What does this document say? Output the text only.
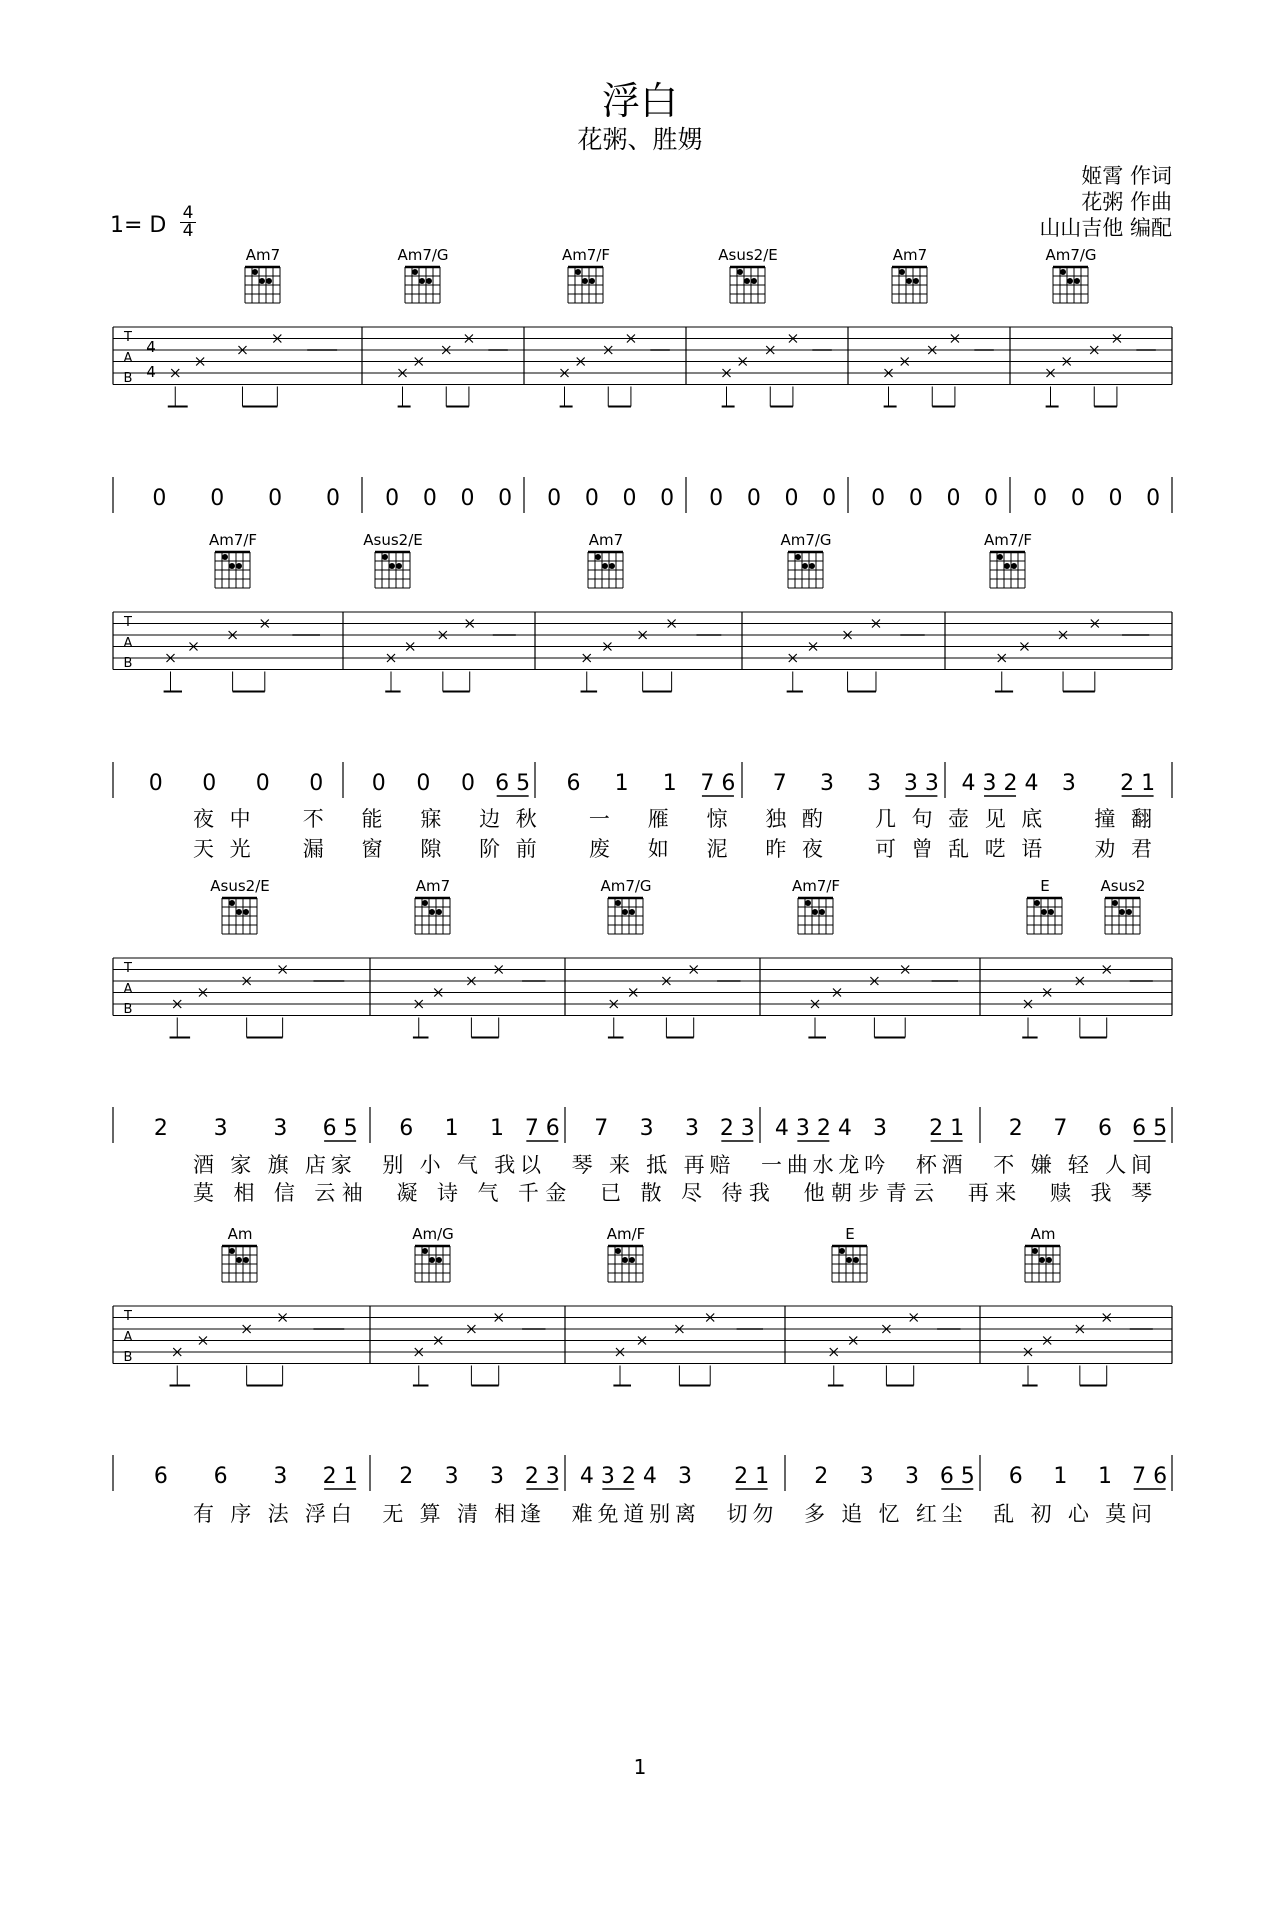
浮白
花粥、胜娚
姬霄 作词
花粥 作曲
山山吉他 编配
1= D 4
4
Am7	Am7/G	Am7/F	Asus2/E	Am7	Am7/G
T
A
B
4
4
0 0 0 0 0 0 0 0 0 0 0 0 0 0 0 0 0 0 0 0 0 0 0 0
Am7/F	Asus2/E	Am7	Am7/G	Am7/F
T
A
B
0 0 0 0 0 0 0 6 5 6 1 1 7 6 7 3 3 3 3 4 3 2 4 3 2 1
夜中　不 能 寐 边秋　一 雁 惊 独酌　几句壶见底　撞翻
天光　漏 窗 隙 阶前　废 如 泥 昨夜　可曾乱呓语　劝君
Asus2/E	Am7	Am7/G	Am7/F	E	Asus2
T
A
B
2 3 3 6 5 6 1 1 7 6 7 3 3 2 3 4 3 2 4 3 2 1 2 7 6 6 5
酒 家 旗 店家　别 小 气 我以　琴 来 抵 再赔　一曲水龙吟　杯酒　不 嫌 轻 人间
莫 相 信 云袖　凝 诗 气 千金　已 散 尽 待我　他朝步青云　再来　赎 我 琴
Am	Am/G	Am/F	E	Am
T
A
B
6 6 3 2 1 2 3 3 2 3 4 3 2 4 3 2 1 2 3 3 6 5 6 1 1 7 6
有 序 法 浮白　无 算 清 相逢　难免道别离　切勿　多 追 忆 红尘　乱 初 心 莫问
1
